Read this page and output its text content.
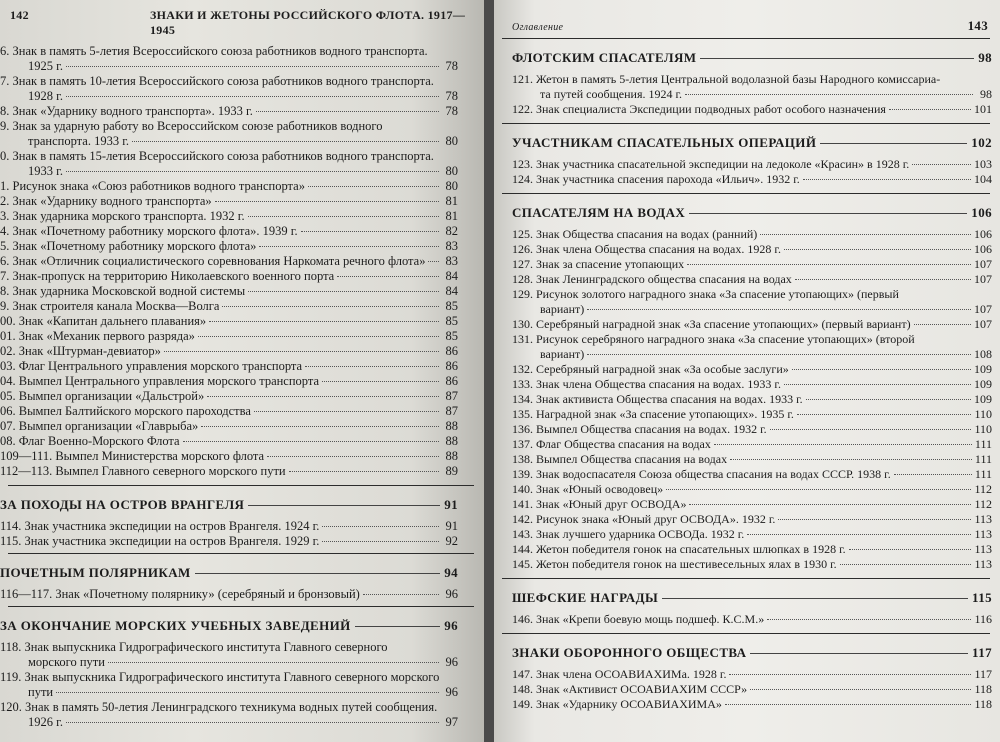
142	ЗНАКИ И ЖЕТОНЫ РОССИЙСКОГО ФЛОТА. 1917—1945
6. Знак в память 5-летия Всероссийского союза работников водного транспорта.
1925 г.	78
7. Знак в память 10-летия Всероссийского союза работников водного транспорта.
1928 г.	78
8. Знак «Ударнику водного транспорта». 1933 г.	78
9. Знак за ударную работу во Всероссийском союзе работников водного
транспорта. 1933 г.	80
0. Знак в память 15-летия Всероссийского союза работников водного транспорта.
1933 г.	80
1. Рисунок знака «Союз работников водного транспорта»	80
2. Знак «Ударнику водного транспорта»	81
3. Знак ударника морского транспорта. 1932 г.	81
4. Знак «Почетному работнику морского флота». 1939 г.	82
5. Знак «Почетному работнику морского флота»	83
6. Знак «Отличник социалистического соревнования Наркомата речного флота» 83
7. Знак-пропуск на территорию Николаевского военного порта	84
8. Знак ударника Московской водной системы	84
9. Знак строителя канала Москва—Волга	85
00. Знак «Капитан дальнего плавания»	85
01. Знак «Механик первого разряда»	85
02. Знак «Штурман-девиатор»	86
03. Флаг Центрального управления морского транспорта	86
04. Вымпел Центрального управления морского транспорта	86
05. Вымпел организации «Дальстрой»	87
06. Вымпел Балтийского морского пароходства	87
07. Вымпел организации «Главрыба»	88
08. Флаг Военно-Морского Флота	88
109—111. Вымпел Министерства морского флота	88
112—113. Вымпел Главного северного морского пути	89
ЗА ПОХОДЫ НА ОСТРОВ ВРАНГЕЛЯ	91
114. Знак участника экспедиции на остров Врангеля. 1924 г.	91
115. Знак участника экспедиции на остров Врангеля. 1929 г.	92
ПОЧЕТНЫМ ПОЛЯРНИКАМ	94
116—117. Знак «Почетному полярнику» (серебряный и бронзовый)	96
ЗА ОКОНЧАНИЕ МОРСКИХ УЧЕБНЫХ ЗАВЕДЕНИЙ	96
118. Знак выпускника Гидрографического института Главного северного
морского пути	96
119. Знак выпускника Гидрографического института Главного северного морского
пути	96
120. Знак в память 50-летия Ленинградского техникума водных путей сообщения.
1926 г.	97
Оглавление	143
ФЛОТСКИМ СПАСАТЕЛЯМ	98
121. Жетон в память 5-летия Центральной водолазной базы Народного комиссариа-
та путей сообщения. 1924 г.	98
122. Знак специалиста Экспедиции подводных работ особого назначения	101
УЧАСТНИКАМ СПАСАТЕЛЬНЫХ ОПЕРАЦИЙ	102
123. Знак участника спасательной экспедиции на ледоколе «Красин» в 1928 г.	103
124. Знак участника спасения парохода «Ильич». 1932 г.	104
СПАСАТЕЛЯМ НА ВОДАХ	106
125. Знак Общества спасания на водах (ранний)	106
126. Знак члена Общества спасания на водах. 1928 г.	106
127. Знак за спасение утопающих	107
128. Знак Ленинградского общества спасания на водах	107
129. Рисунок золотого наградного знака «За спасение утопающих» (первый
вариант)	107
130. Серебряный наградной знак «За спасение утопающих» (первый вариант)	107
131. Рисунок серебряного наградного знака «За спасение утопающих» (второй
вариант)	108
132. Серебряный наградной знак «За особые заслуги»	109
133. Знак члена Общества спасания на водах. 1933 г.	109
134. Знак активиста Общества спасания на водах. 1933 г.	109
135. Наградной знак «За спасение утопающих». 1935 г.	110
136. Вымпел Общества спасания на водах. 1932 г.	110
137. Флаг Общества спасания на водах	111
138. Вымпел Общества спасания на водах	111
139. Знак водоспасателя Союза общества спасания на водах СССР. 1938 г.	111
140. Знак «Юный осводовец»	112
141. Знак «Юный друг ОСВОДА»	112
142. Рисунок знака «Юный друг ОСВОДА». 1932 г.	113
143. Знак лучшего ударника ОСВОДа. 1932 г.	113
144. Жетон победителя гонок на спасательных шлюпках в 1928 г.	113
145. Жетон победителя гонок на шестивесельных ялах в 1930 г.	113
ШЕФСКИЕ НАГРАДЫ	115
146. Знак «Крепи боевую мощь подшеф. К.С.М.»	116
ЗНАКИ ОБОРОННОГО ОБЩЕСТВА	117
147. Знак члена ОСОАВИАХИМа. 1928 г.	117
148. Знак «Активист ОСОАВИАХИМ СССР»	118
149. Знак «Ударнику ОСОАВИАХИМА»	118
